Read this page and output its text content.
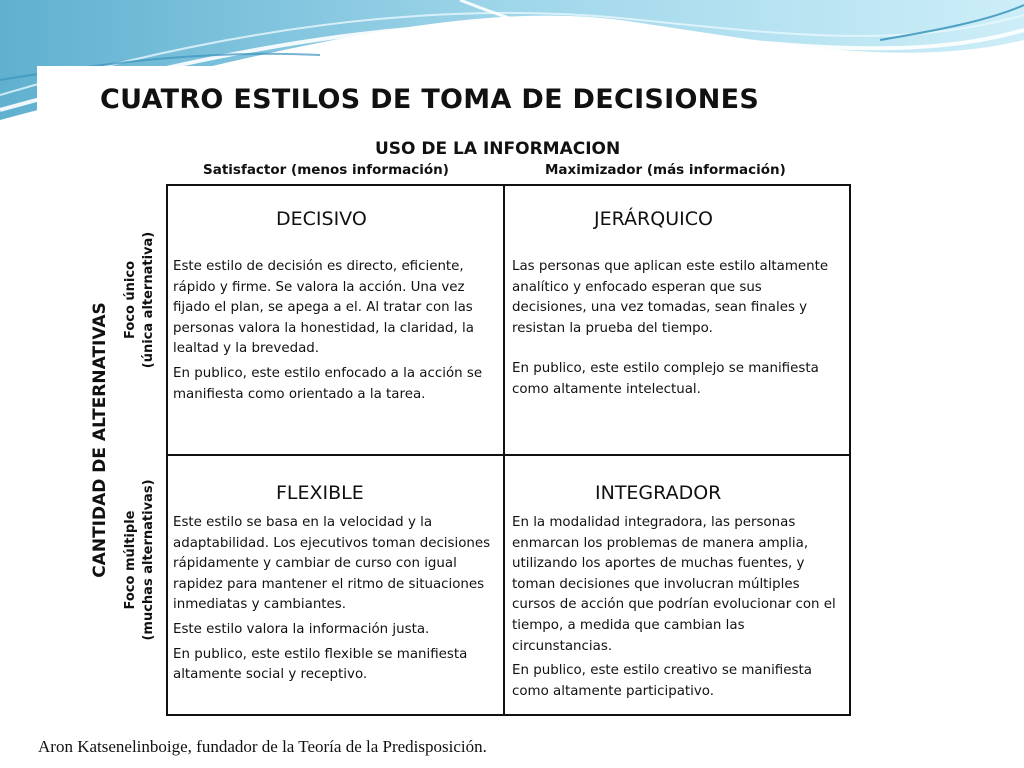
CUATRO ESTILOS DE TOMA DE DECISIONES
USO DE LA INFORMACION
Satisfactor (menos información)	Maximizador (más información)
CANTIDAD DE ALTERNATIVAS
Foco único (única alternativa)
Foco múltiple (muchas alternativas)
DECISIVO

Este estilo de decisión es directo, eficiente, rápido y firme. Se valora la acción. Una vez fijado el plan, se apega a el. Al tratar con las personas valora la honestidad, la claridad, la lealtad y la brevedad.

En publico, este estilo enfocado a la acción se manifiesta como orientado a la tarea.

JERÁRQUICO

Las personas que aplican este estilo altamente analítico y enfocado esperan que sus decisiones, una vez tomadas, sean finales y resistan la prueba del tiempo.

En publico, este estilo complejo se manifiesta como altamente intelectual.

FLEXIBLE

Este estilo se basa en la velocidad y la adaptabilidad. Los ejecutivos toman decisiones rápidamente y cambiar de curso con igual rapidez para mantener el ritmo de situaciones inmediatas y cambiantes.

Este estilo valora la información justa.

En publico, este estilo flexible se manifiesta altamente social y receptivo.

INTEGRADOR

En la modalidad integradora, las personas enmarcan los problemas de manera amplia, utilizando los aportes de muchas fuentes, y toman decisiones que involucran múltiples cursos de acción que podrían evolucionar con el tiempo, a medida que cambian las circunstancias.

En publico, este estilo creativo se manifiesta como altamente participativo.

Aron Katsenelinboige, fundador de la Teoría de la Predisposición.
